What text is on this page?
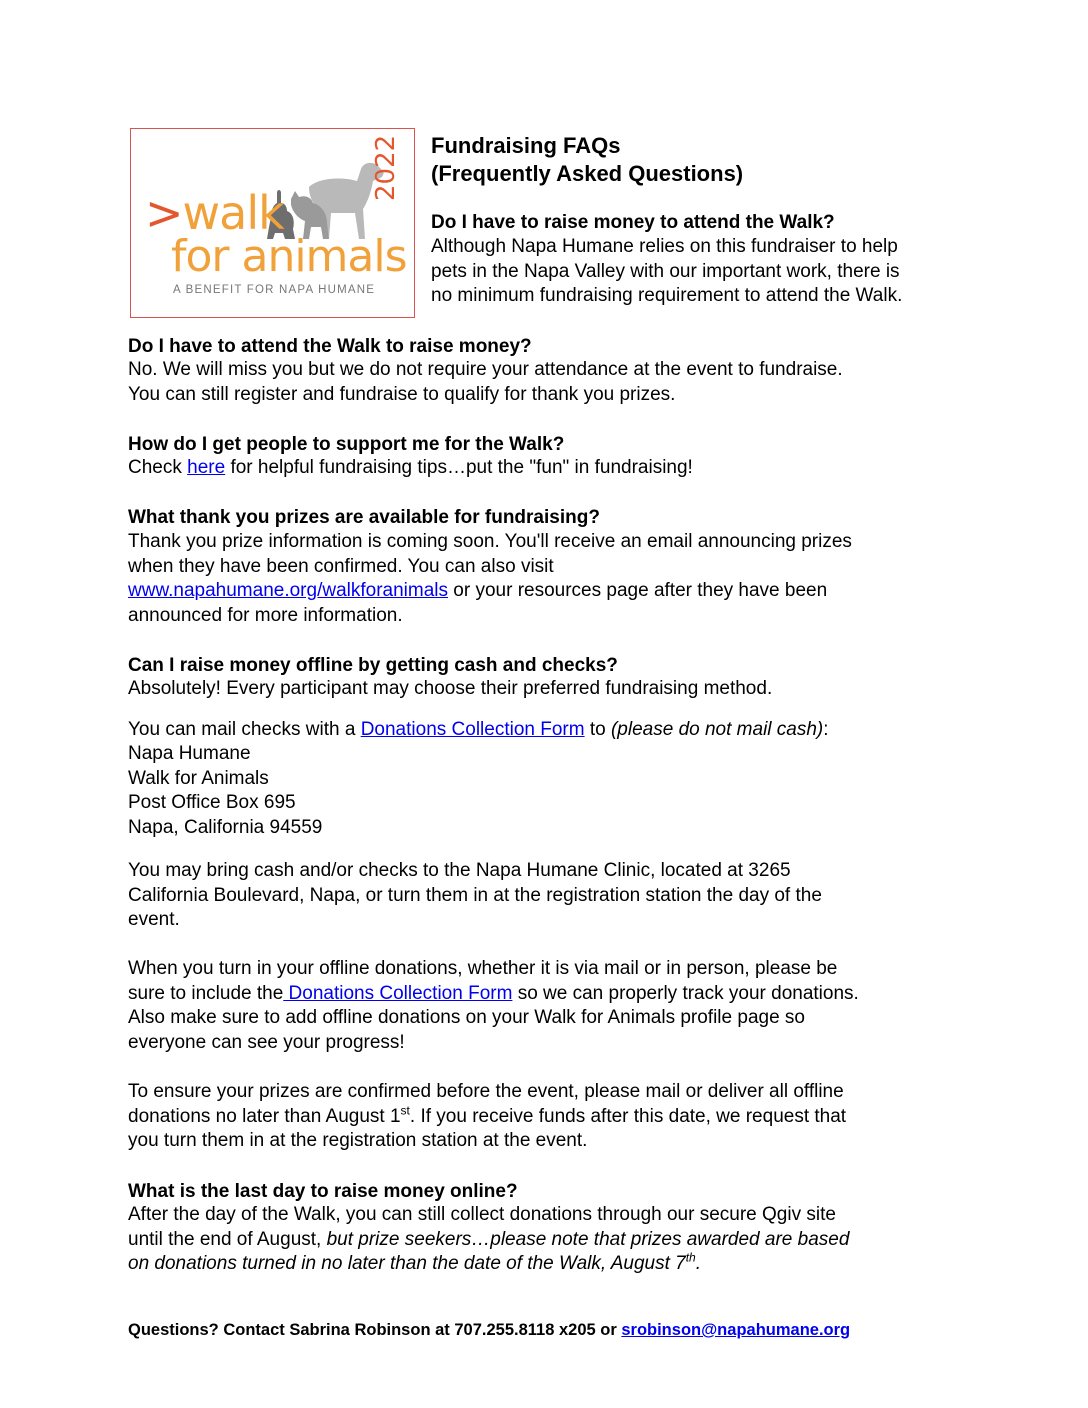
>walk
for animals
2022
A BENEFIT FOR NAPA HUMANE
Fundraising FAQs
(Frequently Asked Questions)
Do I have to raise money to attend the Walk?
Although Napa Humane relies on this fundraiser to help
pets in the Napa Valley with our important work, there is
no minimum fundraising requirement to attend the Walk.
Do I have to attend the Walk to raise money?
No. We will miss you but we do not require your attendance at the event to fundraise.
You can still register and fundraise to qualify for thank you prizes.
How do I get people to support me for the Walk?
Check here for helpful fundraising tips…put the "fun" in fundraising!
What thank you prizes are available for fundraising?
Thank you prize information is coming soon. You'll receive an email announcing prizes
when they have been confirmed. You can also visit
www.napahumane.org/walkforanimals or your resources page after they have been
announced for more information.
Can I raise money offline by getting cash and checks?
Absolutely! Every participant may choose their preferred fundraising method.
You can mail checks with a Donations Collection Form to (please do not mail cash):
Napa Humane
Walk for Animals
Post Office Box 695
Napa, California 94559
You may bring cash and/or checks to the Napa Humane Clinic, located at 3265
California Boulevard, Napa, or turn them in at the registration station the day of the
event.
When you turn in your offline donations, whether it is via mail or in person, please be
sure to include the Donations Collection Form so we can properly track your donations.
Also make sure to add offline donations on your Walk for Animals profile page so
everyone can see your progress!
To ensure your prizes are confirmed before the event, please mail or deliver all offline
donations no later than August 1st. If you receive funds after this date, we request that
you turn them in at the registration station at the event.
What is the last day to raise money online?
After the day of the Walk, you can still collect donations through our secure Qgiv site
until the end of August, but prize seekers…please note that prizes awarded are based
on donations turned in no later than the date of the Walk, August 7th.
Questions? Contact Sabrina Robinson at 707.255.8118 x205 or srobinson@napahumane.org
